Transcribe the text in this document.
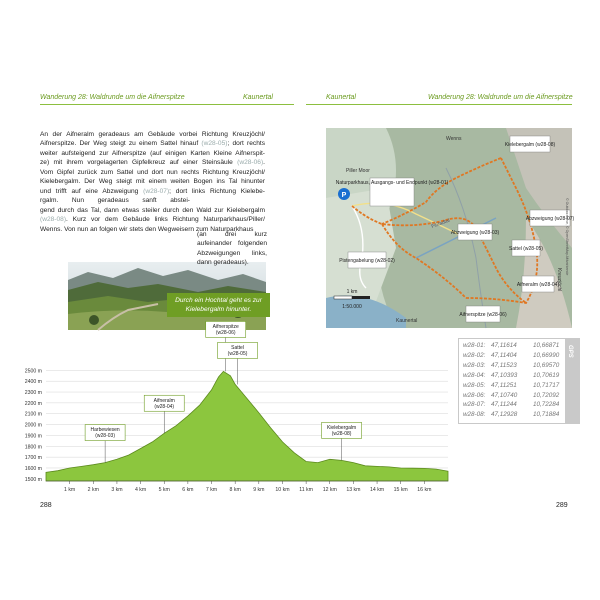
Wanderung 28: Waldrunde um die Aifnerspitze	Kaunertal	Kaunertal	Wanderung 28: Waldrunde um die Aifnerspitze
An der Aifneralm geradeaus am Gebäude vorbei Richtung Kreuzjöchl/
Aifnerspitze. Der Weg steigt zu einem Sattel hinauf (w28-05); dort rechts
weiter aufsteigend zur Aifnerspitze (auf einigen Karten Kleine Aifnerspit-
ze) mit ihrem vorgelagerten Gipfelkreuz auf einer Steinsäule (w28-06).
Vom Gipfel zurück zum Sattel und dort nun rechts Richtung Kreuzjöchl/
Kielebergalm. Der Weg steigt mit einem weiten Bogen ins Tal hinunter
und trifft auf eine Abzweigung (w28-07); dort links Richtung Kielebe-
rgalm. Nun geradeaus sanft abstei-
gend durch das Tal, dann etwas steiler durch den Wald zur Kielebergalm
(w28-08). Kurz vor dem Gebäude links Richtung Naturparkhaus/Piller/
Wenns. Von nun an folgen wir stets den Wegweisern zum Naturparkhaus
Durch ein Hochtal geht es zur Kielebergalm hinunter.
Naturparkhaus, Ausgangs- und Endpunkt (w28-01)
Kielebergalm (w28-08)
Abzweigung (w28-07)
Abzweigung (w28-03)
Sattel (w28-05)
Pistengabelung (w28-02)
Aifneralm (w28-04)
Aifnerspitze (w28-06)
Piller Moor
Wenns
Kaunertal
Kreuzjöchl
Fißladtal
P
1 km
1:50.000
© Outdooractive, © OpenStreetMap-Mitwirkende
GPS
w28-01: 47,11614	10,66871
w28-02: 47,11404	10,66990
w28-03: 47,11523	10,69570
w28-04: 47,10393 10,70619
w28-05: 47,11251	10,71717
w28-06: 47,10740 10,72092
w28-07: 47,11244	10,72284
w28-08: 47,12928 10,71884
1500 m
1600 m
1700 m
1800 m
1900 m
2000 m
2100 m
2200 m
2300 m
2400 m
2500 m
1 km 2 km 3 km 4 km 5 km 6 km 7 km 8 km 9 km 10 km 11 km 12 km 13 km 14 km 15 km 16 km
Harbewiesen
(w28-03)
Aifneralm
(w28-04)
Aifnerspitze
(w28-06)
Sattel
(w28-05)
Kielebergalm
(w28-08)
288	289
(an drei kurz aufeinander folgenden Abzweigungen links, dann geradeaus).
